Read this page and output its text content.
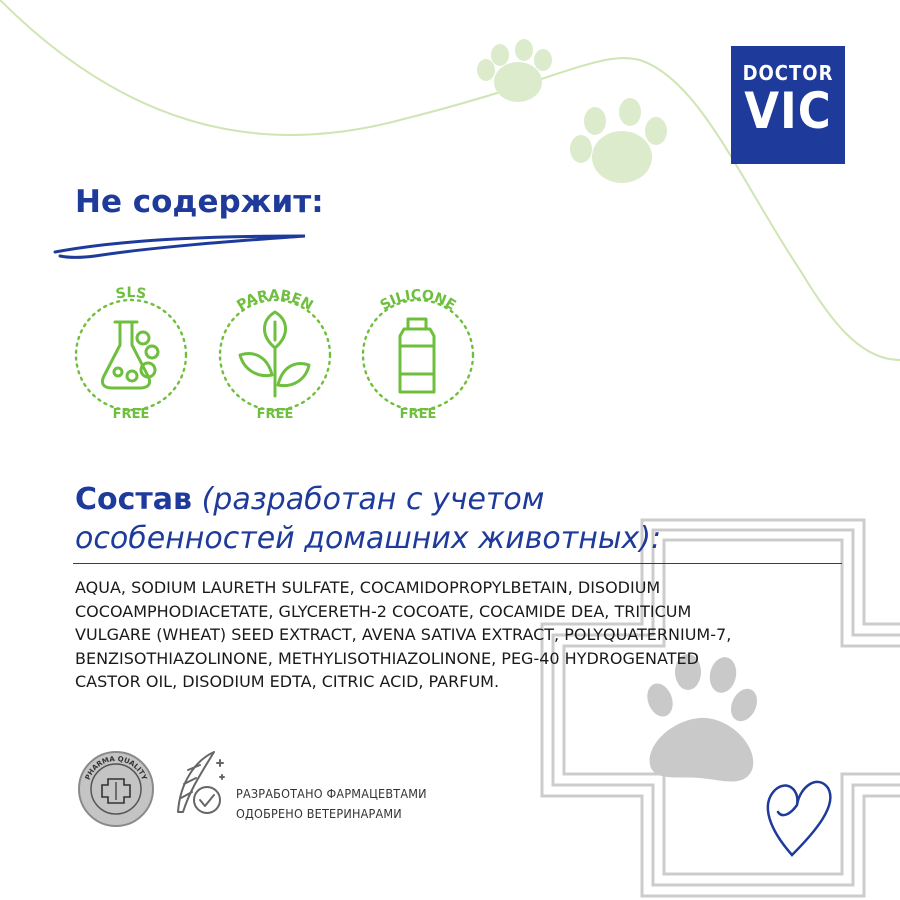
DOCTOR
VIC
Не содержит:
SLS
PARABEN	SILICONE
FREE	FREE	FREE
Состав (разработан с учетом
особенностей домашних животных):
AQUA, SODIUM LAURETH SULFATE, COCAMIDOPROPYLBETAIN, DISODIUM
COCOAMPHODIACETATE, GLYCERETH-2 COCOATE, COCAMIDE DEA, TRITICUM
VULGARE (WHEAT) SEED EXTRACT, AVENA SATIVA EXTRACT, POLYQUATERNIUM-7,
BENZISOTHIAZOLINONE, METHYLISOTHIAZOLINONE, PEG-40 HYDROGENATED
CASTOR OIL, DISODIUM EDTA, CITRIC ACID, PARFUM.
PHARMA QUALITY
РАЗРАБОТАНО ФАРМАЦЕВТАМИ
ОДОБРЕНО ВЕТЕРИНАРАМИ
